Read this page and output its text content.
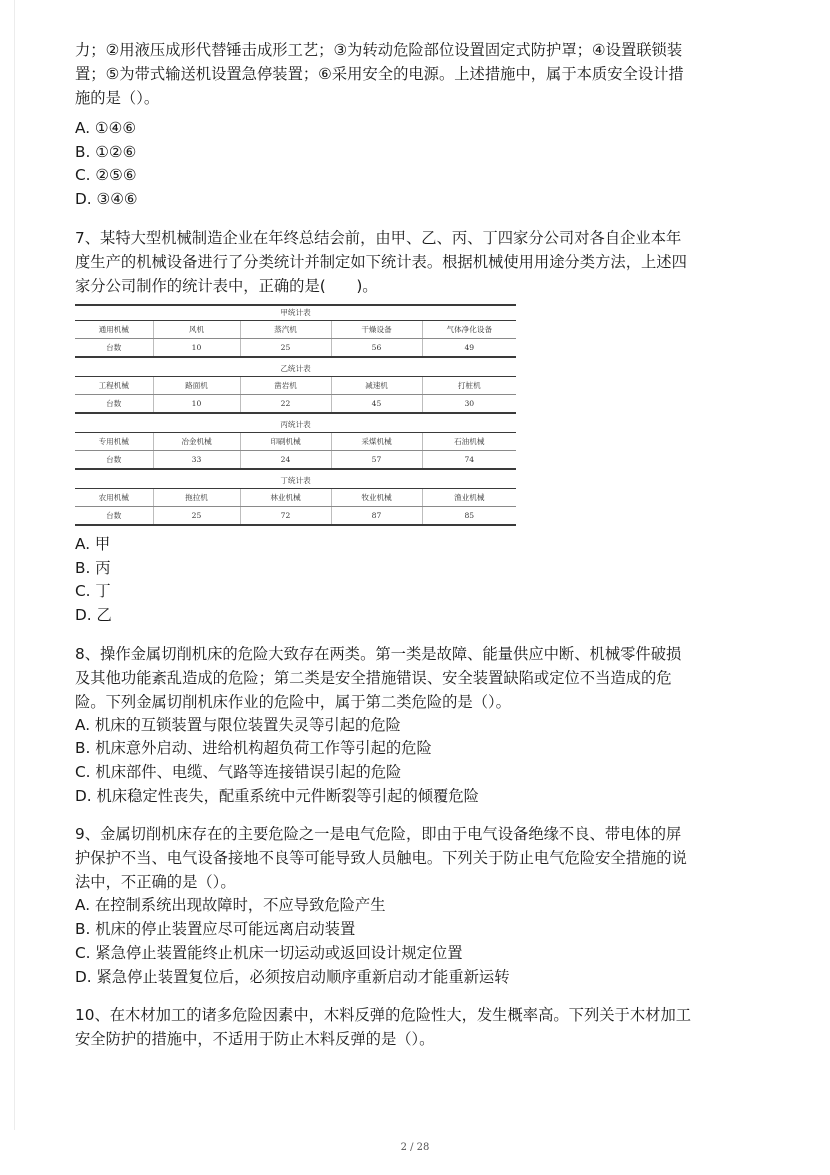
力；②用液压成形代替锤击成形工艺；③为转动危险部位设置固定式防护罩；④设置联锁装

置；⑤为带式输送机设置急停装置；⑥采用安全的电源。上述措施中，属于本质安全设计措

施的是（）。

A. ①④⑥

B. ①②⑥

C. ②⑤⑥

D. ③④⑥

7、某特大型机械制造企业在年终总结会前，由甲、乙、丙、丁四家分公司对各自企业本年

度生产的机械设备进行了分类统计并制定如下统计表。根据机械使用用途分类方法，上述四

家分公司制作的统计表中，正确的是(　　)。

甲统计表				
通用机械	风机	蒸汽机	干燥设备	气体净化设备
台数	10	25	56	49
乙统计表				
工程机械	路面机	凿岩机	减速机	打桩机
台数	10	22	45	30
丙统计表				
专用机械	冶金机械	印刷机械	采煤机械	石油机械
台数	33	24	57	74
丁统计表				
农用机械	拖拉机	林业机械	牧业机械	渔业机械
台数	25	72	87	85

A. 甲

B. 丙

C. 丁

D. 乙

8、操作金属切削机床的危险大致存在两类。第一类是故障、能量供应中断、机械零件破损

及其他功能紊乱造成的危险；第二类是安全措施错误、安全装置缺陷或定位不当造成的危

险。下列金属切削机床作业的危险中，属于第二类危险的是（）。

A. 机床的互锁装置与限位装置失灵等引起的危险

B. 机床意外启动、进给机构超负荷工作等引起的危险

C. 机床部件、电缆、气路等连接错误引起的危险

D. 机床稳定性丧失，配重系统中元件断裂等引起的倾覆危险

9、金属切削机床存在的主要危险之一是电气危险，即由于电气设备绝缘不良、带电体的屏

护保护不当、电气设备接地不良等可能导致人员触电。下列关于防止电气危险安全措施的说

法中，不正确的是（）。

A. 在控制系统出现故障时，不应导致危险产生

B. 机床的停止装置应尽可能远离启动装置

C. 紧急停止装置能终止机床一切运动或返回设计规定位置

D. 紧急停止装置复位后，必须按启动顺序重新启动才能重新运转

10、在木材加工的诸多危险因素中，木料反弹的危险性大，发生概率高。下列关于木材加工

安全防护的措施中，不适用于防止木料反弹的是（）。

2 / 28
